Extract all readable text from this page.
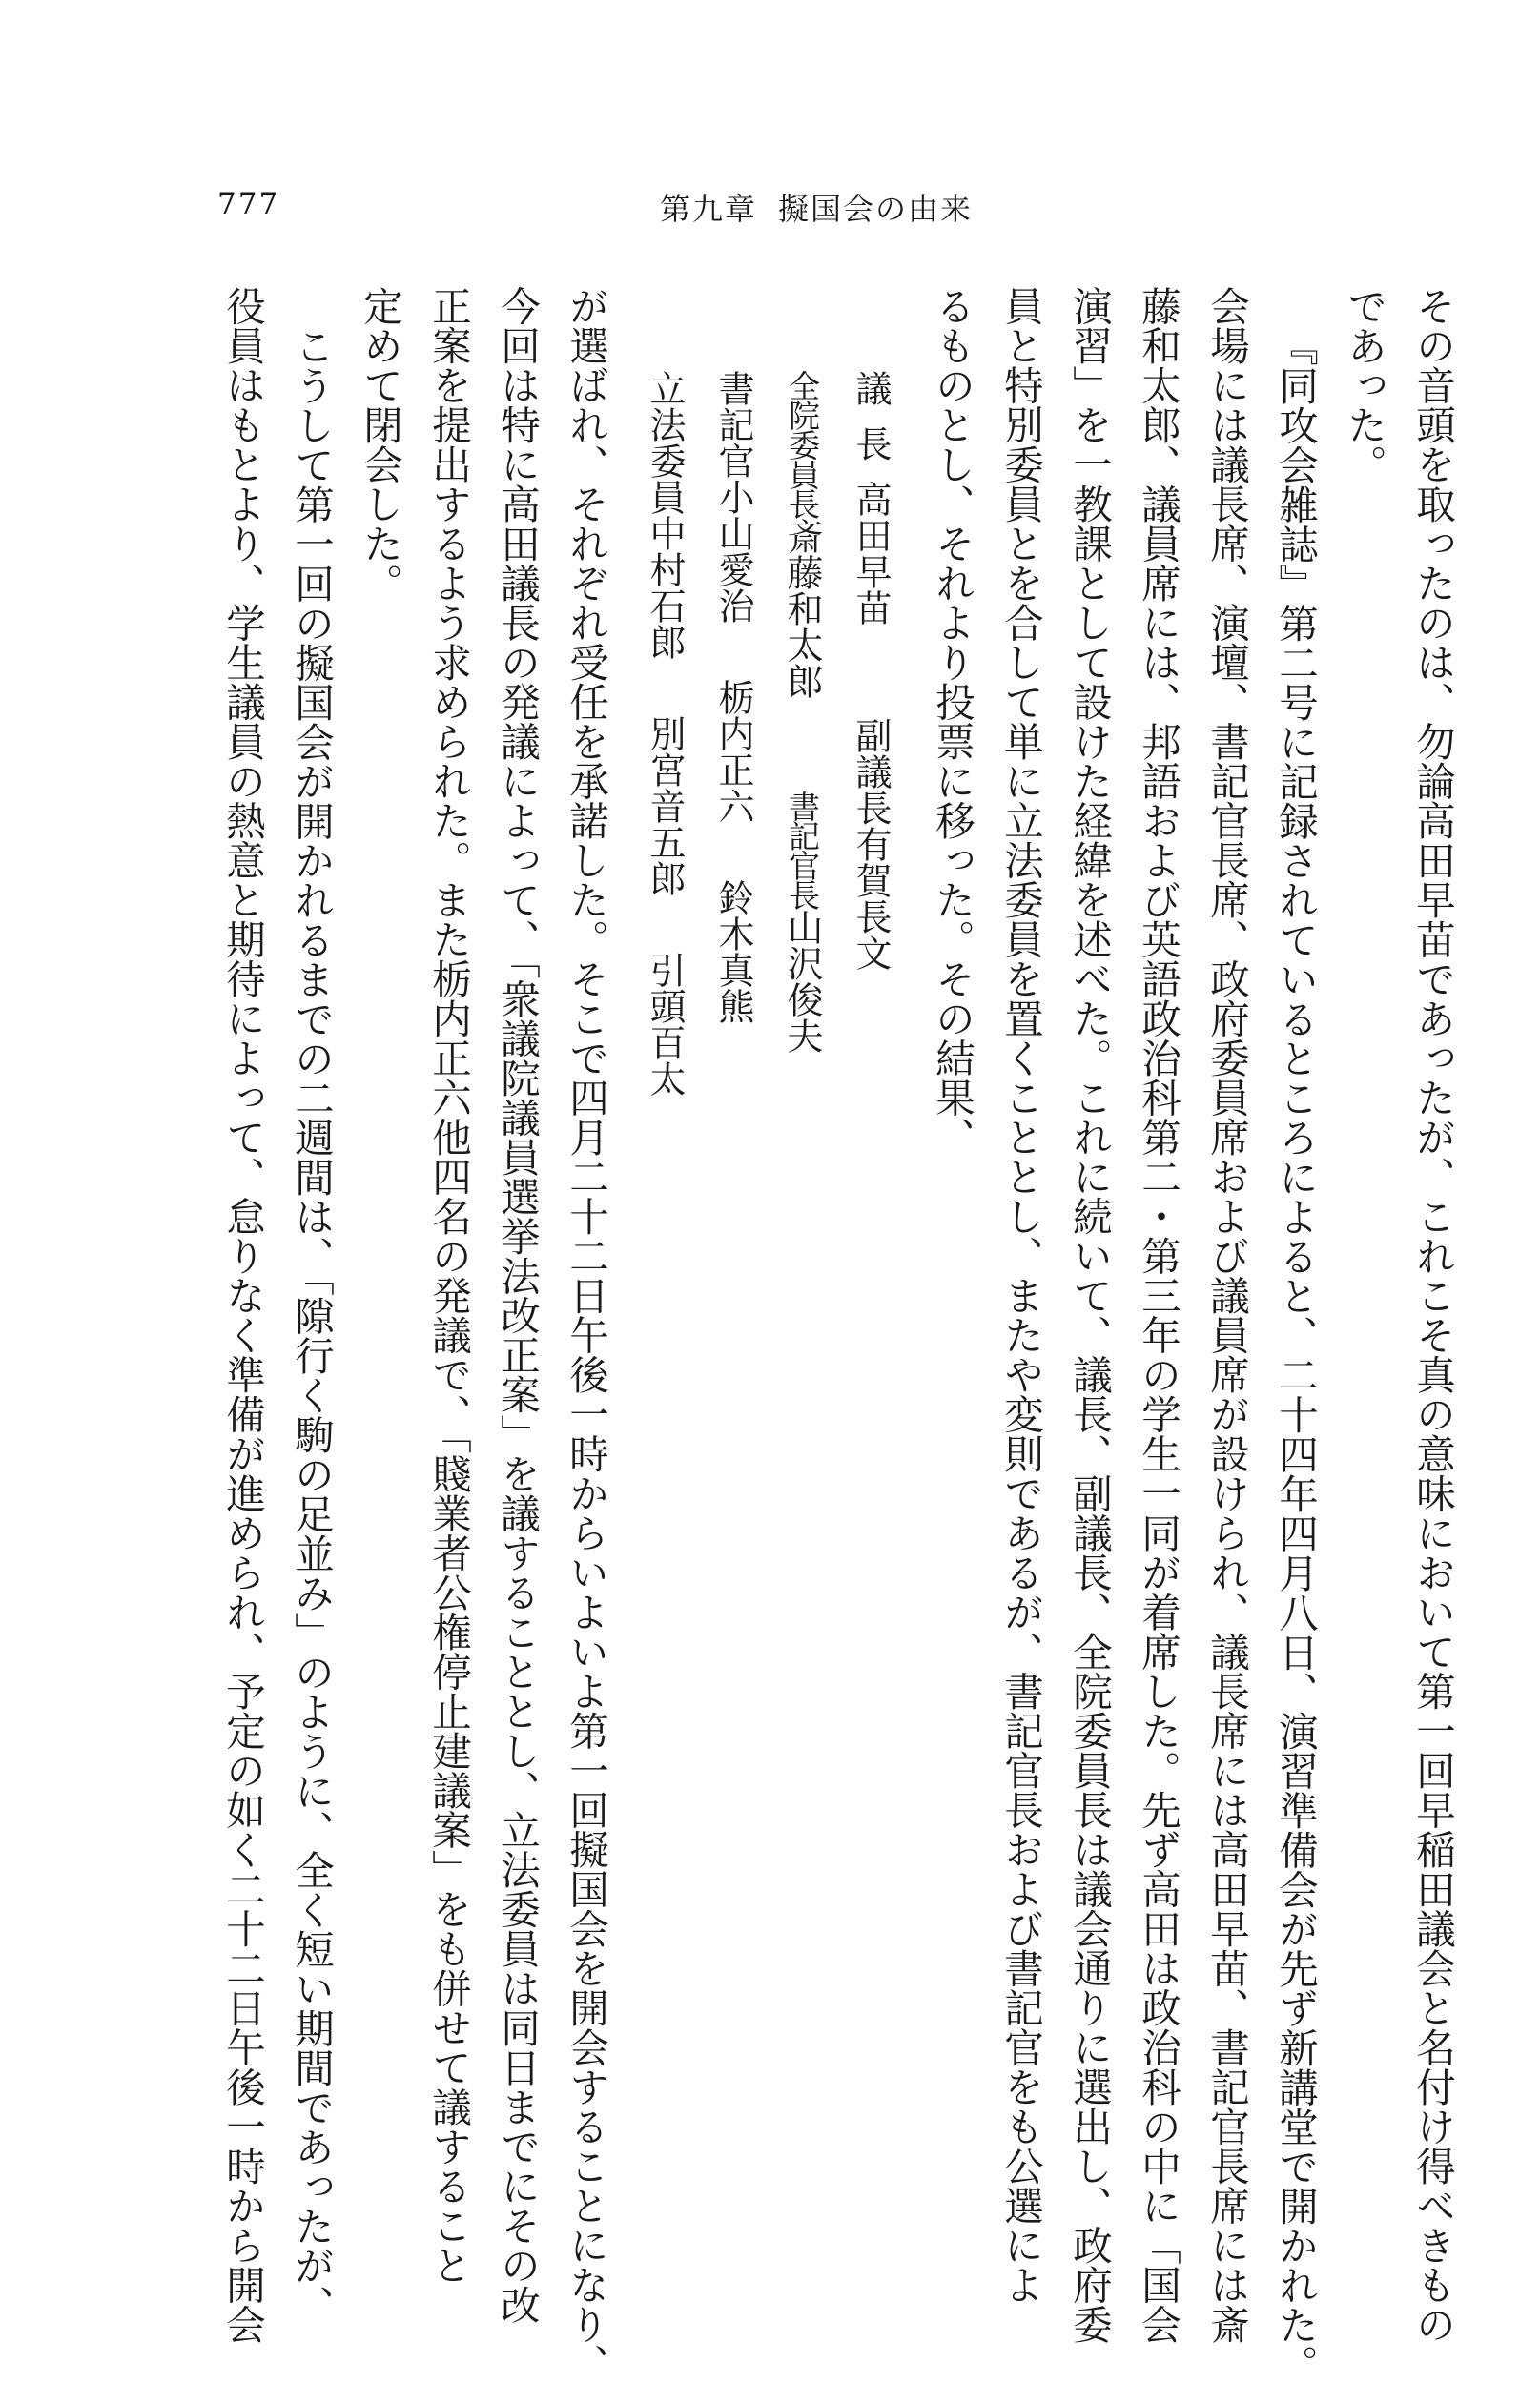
777	第九章 擬国会の由来
その音頭を取ったのは、勿論高田早苗であったが、これこそ真の意味において第一回早稲田議会と名付け得べきもの
であった。
『同攻会雑誌』第二号に記録されているところによると、二十四年四月八日、演習準備会が先ず新講堂で開かれた。
会場には議長席、演壇、書記官長席、政府委員席および議員席が設けられ、議長席には高田早苗、書記官長席には斎
藤和太郎、議員席には、邦語および英語政治科第二・第三年の学生一同が着席した。先ず高田は政治科の中に「国会
演習」を一教課として設けた経緯を述べた。これに続いて、議長、副議長、全院委員長は議会通りに選出し、政府委
員と特別委員とを合して単に立法委員を置くこととし、またや変則であるが、書記官長および書記官をも公選によ
るものとし、それより投票に移った。その結果、
議長高田早苗副議長有賀長文
全院委員長斎藤和太郎書記官長山沢俊夫
書記官小山愛治栃内正六鈴木真熊
立法委員中村石郎別宮音五郎引頭百太
が選ばれ、それぞれ受任を承諾した。そこで四月二十二日午後一時からいよいよ第一回擬国会を開会することになり、
今回は特に高田議長の発議によって、「衆議院議員選挙法改正案」を議することとし、立法委員は同日までにその改
正案を提出するよう求められた。また栃内正六他四名の発議で、「賤業者公権停止建議案」をも併せて議すること
定めて閉会した。
こうして第一回の擬国会が開かれるまでの二週間は、「隙行く駒の足並み」のように、全く短い期間であったが、
役員はもとより、学生議員の熱意と期待によって、怠りなく準備が進められ、予定の如く二十二日午後一時から開会
